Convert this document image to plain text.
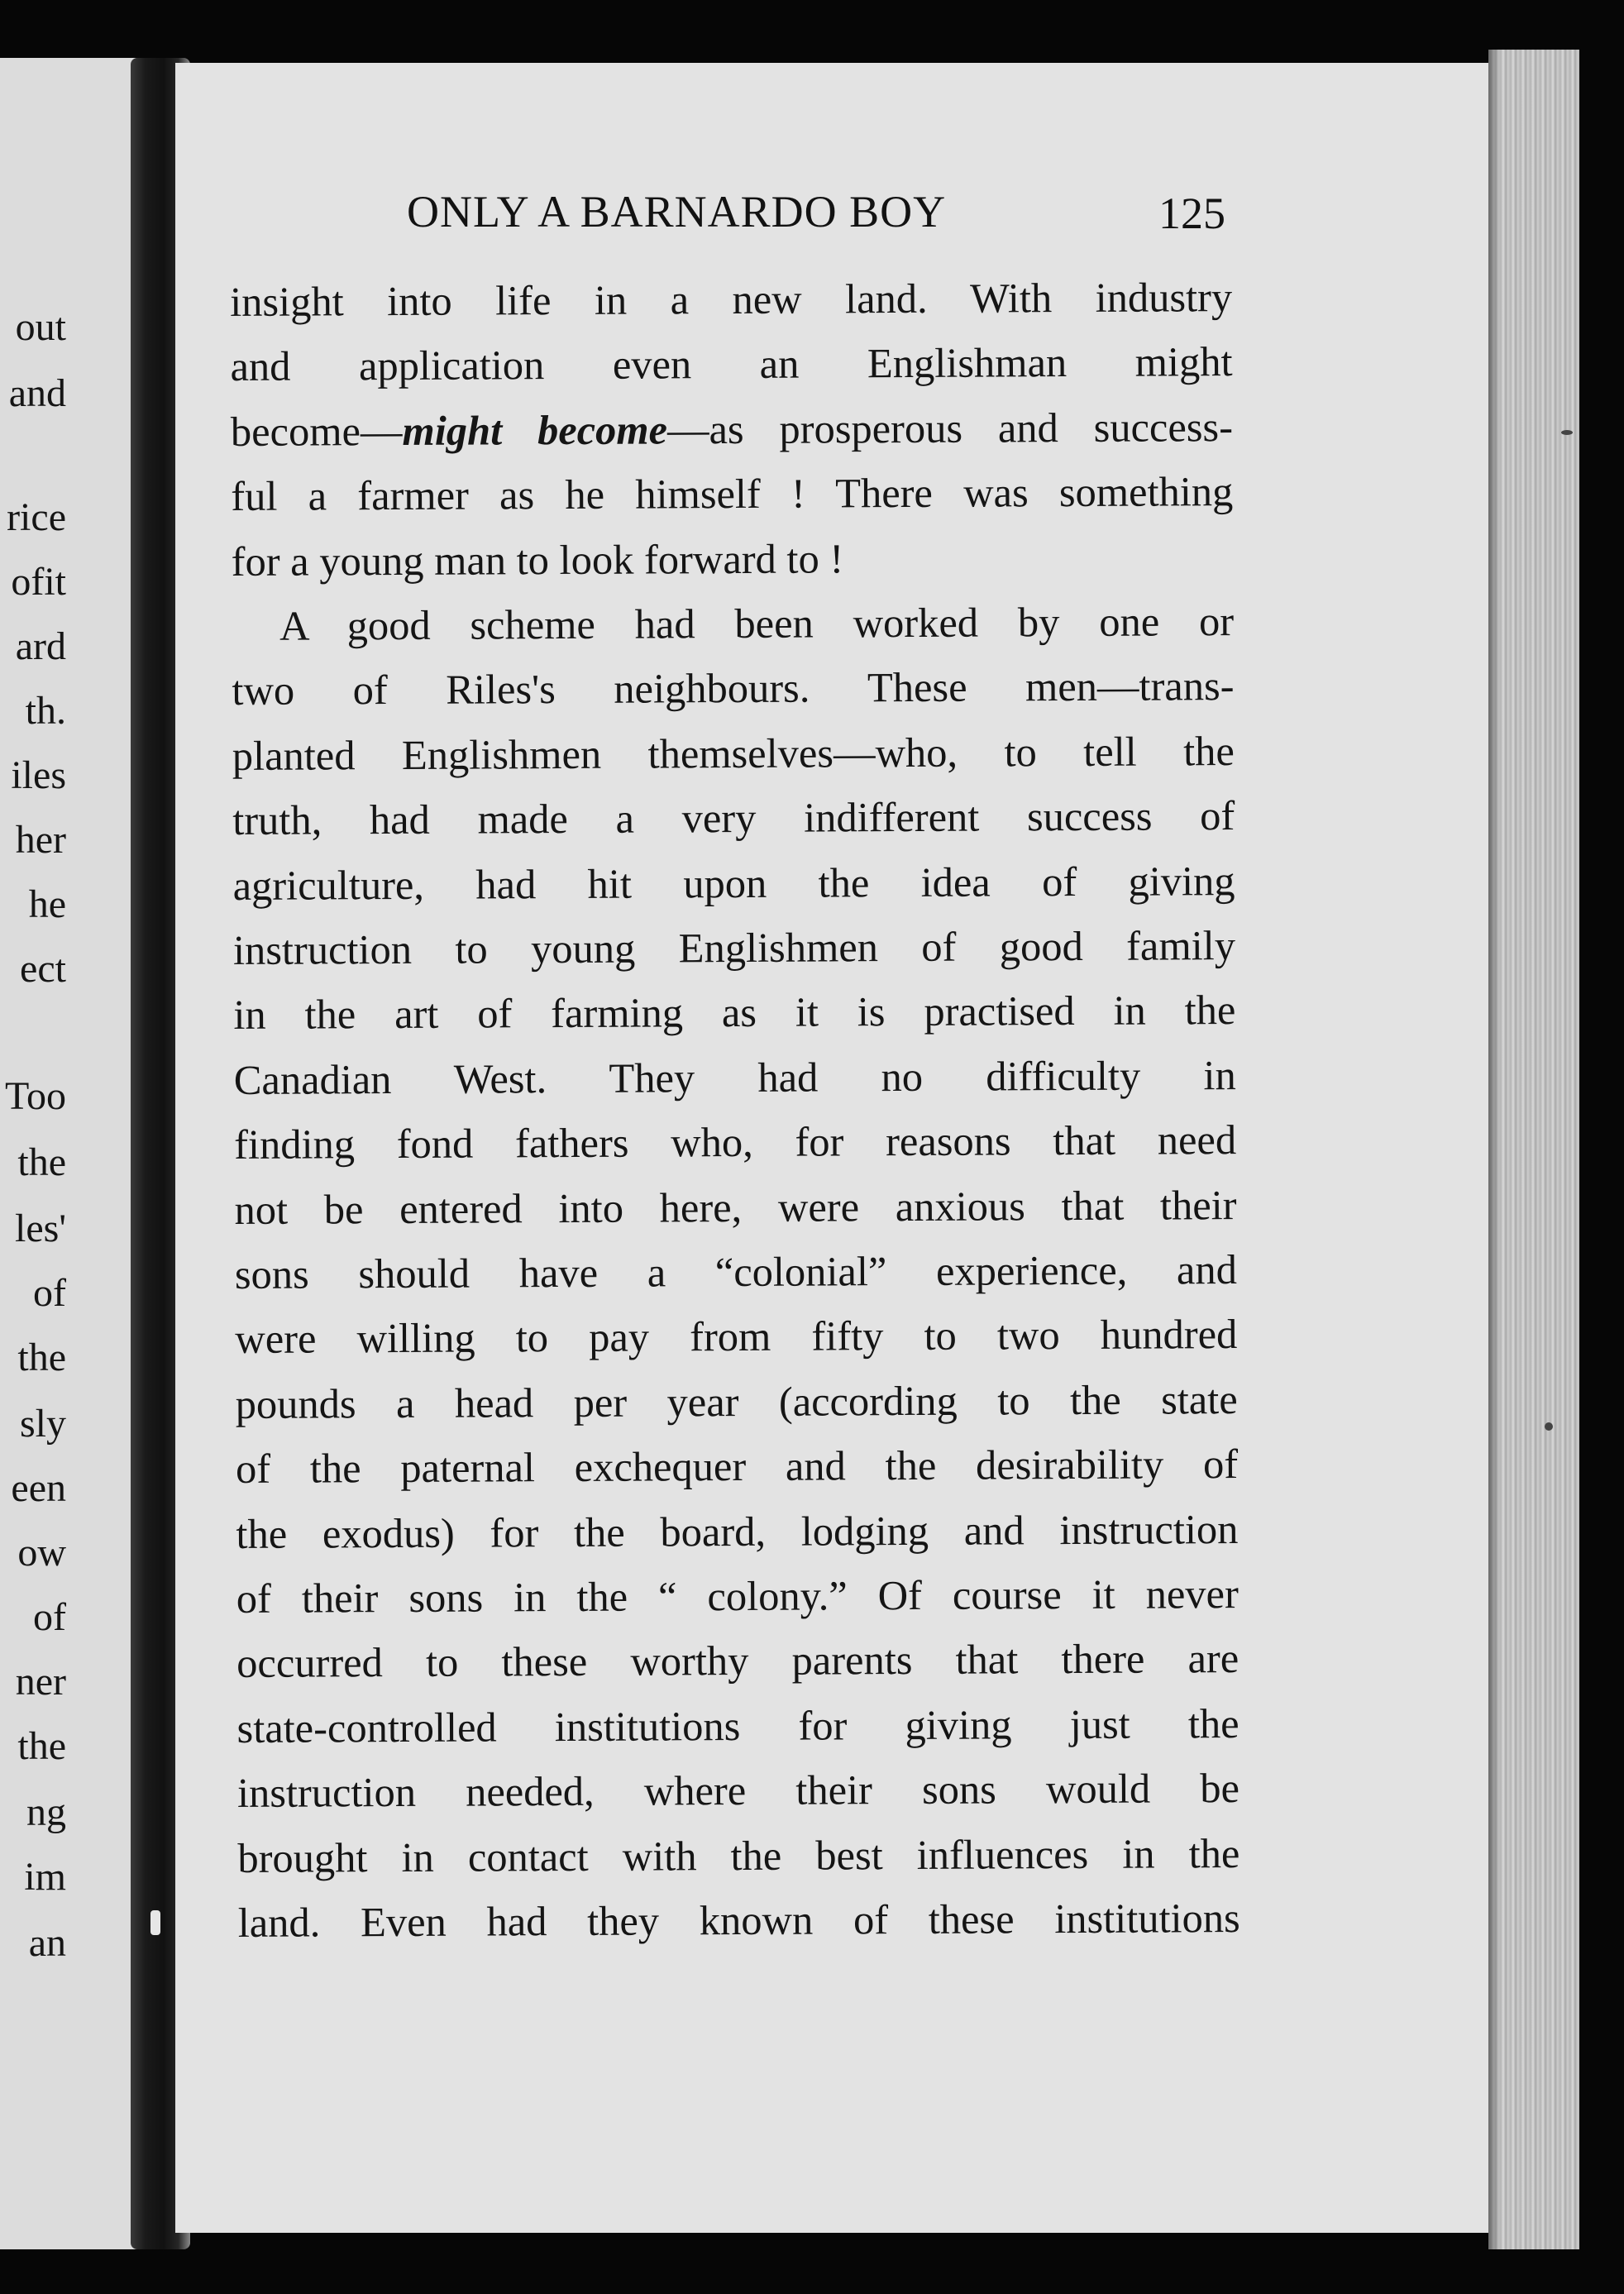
out
and
rice
ofit
ard
th.
iles
her
he
ect
Too
the
les'
of
the
sly
een
ow
of
ner
the
ng
im
an
ONLY A BARNARDO BOY	125
insight into life in a new land. With industry
and application even an Englishman might
become—might become—as prosperous and success-
ful a farmer as he himself ! There was something
for a young man to look forward to !
A good scheme had been worked by one or
two of Riles's neighbours. These men—trans-
planted Englishmen themselves—who, to tell the
truth, had made a very indifferent success of
agriculture, had hit upon the idea of giving
instruction to young Englishmen of good family
in the art of farming as it is practised in the
Canadian West. They had no difficulty in
finding fond fathers who, for reasons that need
not be entered into here, were anxious that their
sons should have a “colonial” experience, and
were willing to pay from fifty to two hundred
pounds a head per year (according to the state
of the paternal exchequer and the desirability of
the exodus) for the board, lodging and instruction
of their sons in the “ colony.” Of course it never
occurred to these worthy parents that there are
state-controlled institutions for giving just the
instruction needed, where their sons would be
brought in contact with the best influences in the
land. Even had they known of these institutions
